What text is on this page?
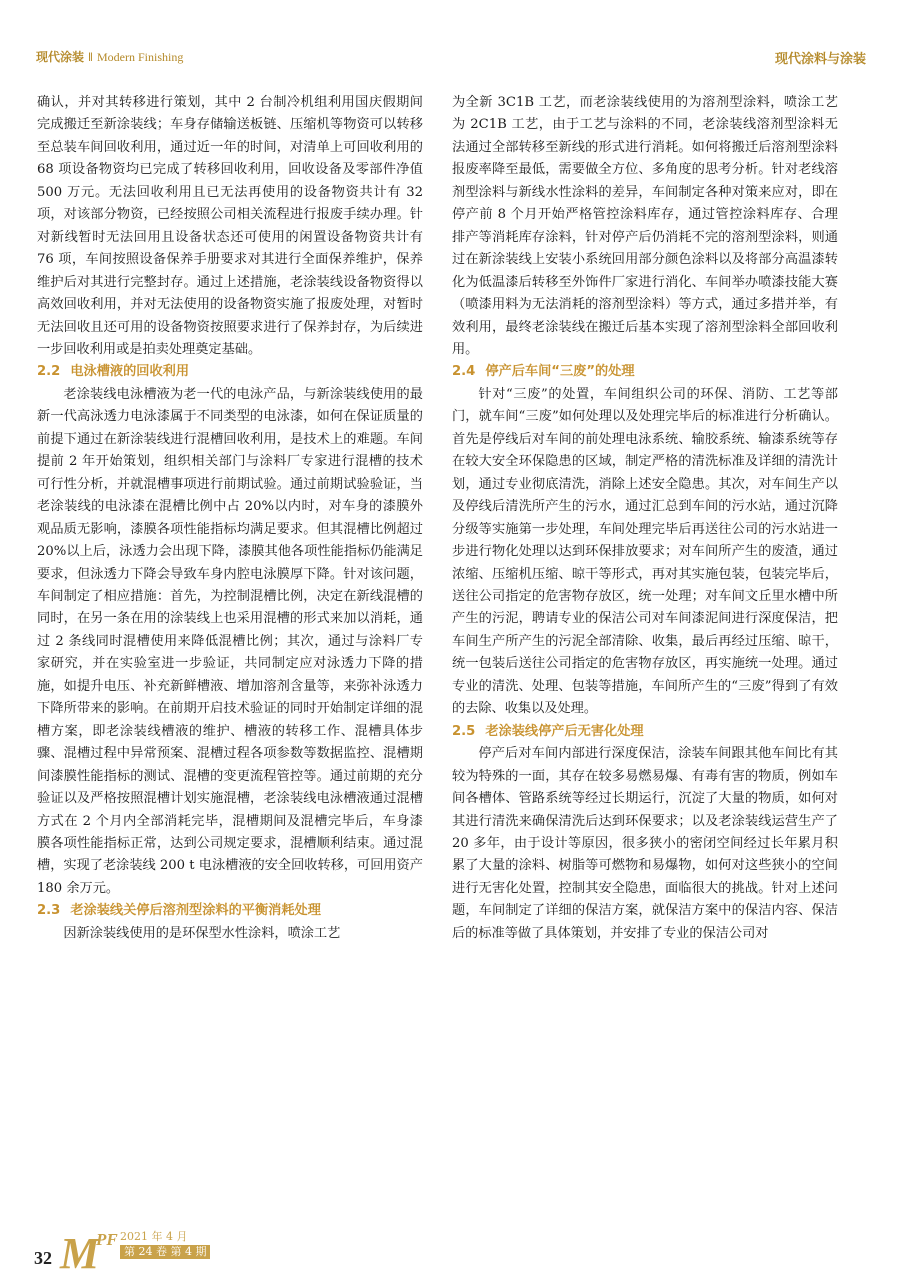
现代涂装 ‖ Modern Finishing	现代涂料与涂装

确认，并对其转移进行策划，其中 2 台制冷机组利用国庆假期间完成搬迁至新涂装线；车身存储输送板链、压缩机等物资可以转移至总装车间回收利用，通过近一年的时间，对清单上可回收利用的 68 项设备物资均已完成了转移回收利用，回收设备及零部件净值 500 万元。无法回收利用且已无法再使用的设备物资共计有 32 项，对该部分物资，已经按照公司相关流程进行报废手续办理。针对新线暂时无法回用且设备状态还可使用的闲置设备物资共计有 76 项，车间按照设备保养手册要求对其进行全面保养维护，保养维护后对其进行完整封存。通过上述措施，老涂装线设备物资得以高效回收利用，并对无法使用的设备物资实施了报废处理，对暂时无法回收且还可用的设备物资按照要求进行了保养封存，为后续进一步回收利用或是拍卖处理奠定基础。

2.2 电泳槽液的回收利用

老涂装线电泳槽液为老一代的电泳产品，与新涂装线使用的最新一代高泳透力电泳漆属于不同类型的电泳漆，如何在保证质量的前提下通过在新涂装线进行混槽回收利用，是技术上的难题。车间提前 2 年开始策划，组织相关部门与涂料厂专家进行混槽的技术可行性分析，并就混槽事项进行前期试验。通过前期试验验证，当老涂装线的电泳漆在混槽比例中占 20%以内时，对车身的漆膜外观品质无影响，漆膜各项性能指标均满足要求。但其混槽比例超过 20%以上后，泳透力会出现下降，漆膜其他各项性能指标仍能满足要求，但泳透力下降会导致车身内腔电泳膜厚下降。针对该问题，车间制定了相应措施：首先，为控制混槽比例，决定在新线混槽的同时，在另一条在用的涂装线上也采用混槽的形式来加以消耗，通过 2 条线同时混槽使用来降低混槽比例；其次，通过与涂料厂专家研究，并在实验室进一步验证，共同制定应对泳透力下降的措施，如提升电压、补充新鲜槽液、增加溶剂含量等，来弥补泳透力下降所带来的影响。在前期开启技术验证的同时开始制定详细的混槽方案，即老涂装线槽液的维护、槽液的转移工作、混槽具体步骤、混槽过程中异常预案、混槽过程各项参数等数据监控、混槽期间漆膜性能指标的测试、混槽的变更流程管控等。通过前期的充分验证以及严格按照混槽计划实施混槽，老涂装线电泳槽液通过混槽方式在 2 个月内全部消耗完毕，混槽期间及混槽完毕后，车身漆膜各项性能指标正常，达到公司规定要求，混槽顺利结束。通过混槽，实现了老涂装线 200 t 电泳槽液的安全回收转移，可回用资产 180 余万元。

2.3 老涂装线关停后溶剂型涂料的平衡消耗处理

因新涂装线使用的是环保型水性涂料，喷涂工艺

为全新 3C1B 工艺，而老涂装线使用的为溶剂型涂料，喷涂工艺为 2C1B 工艺，由于工艺与涂料的不同，老涂装线溶剂型涂料无法通过全部转移至新线的形式进行消耗。如何将搬迁后溶剂型涂料报废率降至最低，需要做全方位、多角度的思考分析。针对老线溶剂型涂料与新线水性涂料的差异，车间制定各种对策来应对，即在停产前 8 个月开始严格管控涂料库存，通过管控涂料库存、合理排产等消耗库存涂料，针对停产后仍消耗不完的溶剂型涂料，则通过在新涂装线上安装小系统回用部分颜色涂料以及将部分高温漆转化为低温漆后转移至外饰件厂家进行消化、车间举办喷漆技能大赛（喷漆用料为无法消耗的溶剂型涂料）等方式，通过多措并举，有效利用，最终老涂装线在搬迁后基本实现了溶剂型涂料全部回收利用。

2.4 停产后车间“三废”的处理

针对“三废”的处置，车间组织公司的环保、消防、工艺等部门，就车间“三废”如何处理以及处理完毕后的标准进行分析确认。首先是停线后对车间的前处理电泳系统、输胶系统、输漆系统等存在较大安全环保隐患的区域，制定严格的清洗标准及详细的清洗计划，通过专业彻底清洗，消除上述安全隐患。其次，对车间生产以及停线后清洗所产生的污水，通过汇总到车间的污水站，通过沉降分级等实施第一步处理，车间处理完毕后再送往公司的污水站进一步进行物化处理以达到环保排放要求；对车间所产生的废渣，通过浓缩、压缩机压缩、晾干等形式，再对其实施包装，包装完毕后，送往公司指定的危害物存放区，统一处理；对车间文丘里水槽中所产生的污泥，聘请专业的保洁公司对车间漆泥间进行深度保洁，把车间生产所产生的污泥全部清除、收集，最后再经过压缩、晾干，统一包装后送往公司指定的危害物存放区，再实施统一处理。通过专业的清洗、处理、包装等措施，车间所产生的“三废”得到了有效的去除、收集以及处理。

2.5 老涂装线停产后无害化处理

停产后对车间内部进行深度保洁，涂装车间跟其他车间比有其较为特殊的一面，其存在较多易燃易爆、有毒有害的物质，例如车间各槽体、管路系统等经过长期运行，沉淀了大量的物质，如何对其进行清洗来确保清洗后达到环保要求；以及老涂装线运营生产了 20 多年，由于设计等原因，很多狭小的密闭空间经过长年累月积累了大量的涂料、树脂等可燃物和易爆物，如何对这些狭小的空间进行无害化处置，控制其安全隐患，面临很大的挑战。针对上述问题，车间制定了详细的保洁方案，就保洁方案中的保洁内容、保洁后的标准等做了具体策划，并安排了专业的保洁公司对

32 M
PF 2021 年 4 月
第 24 卷 第 4 期
